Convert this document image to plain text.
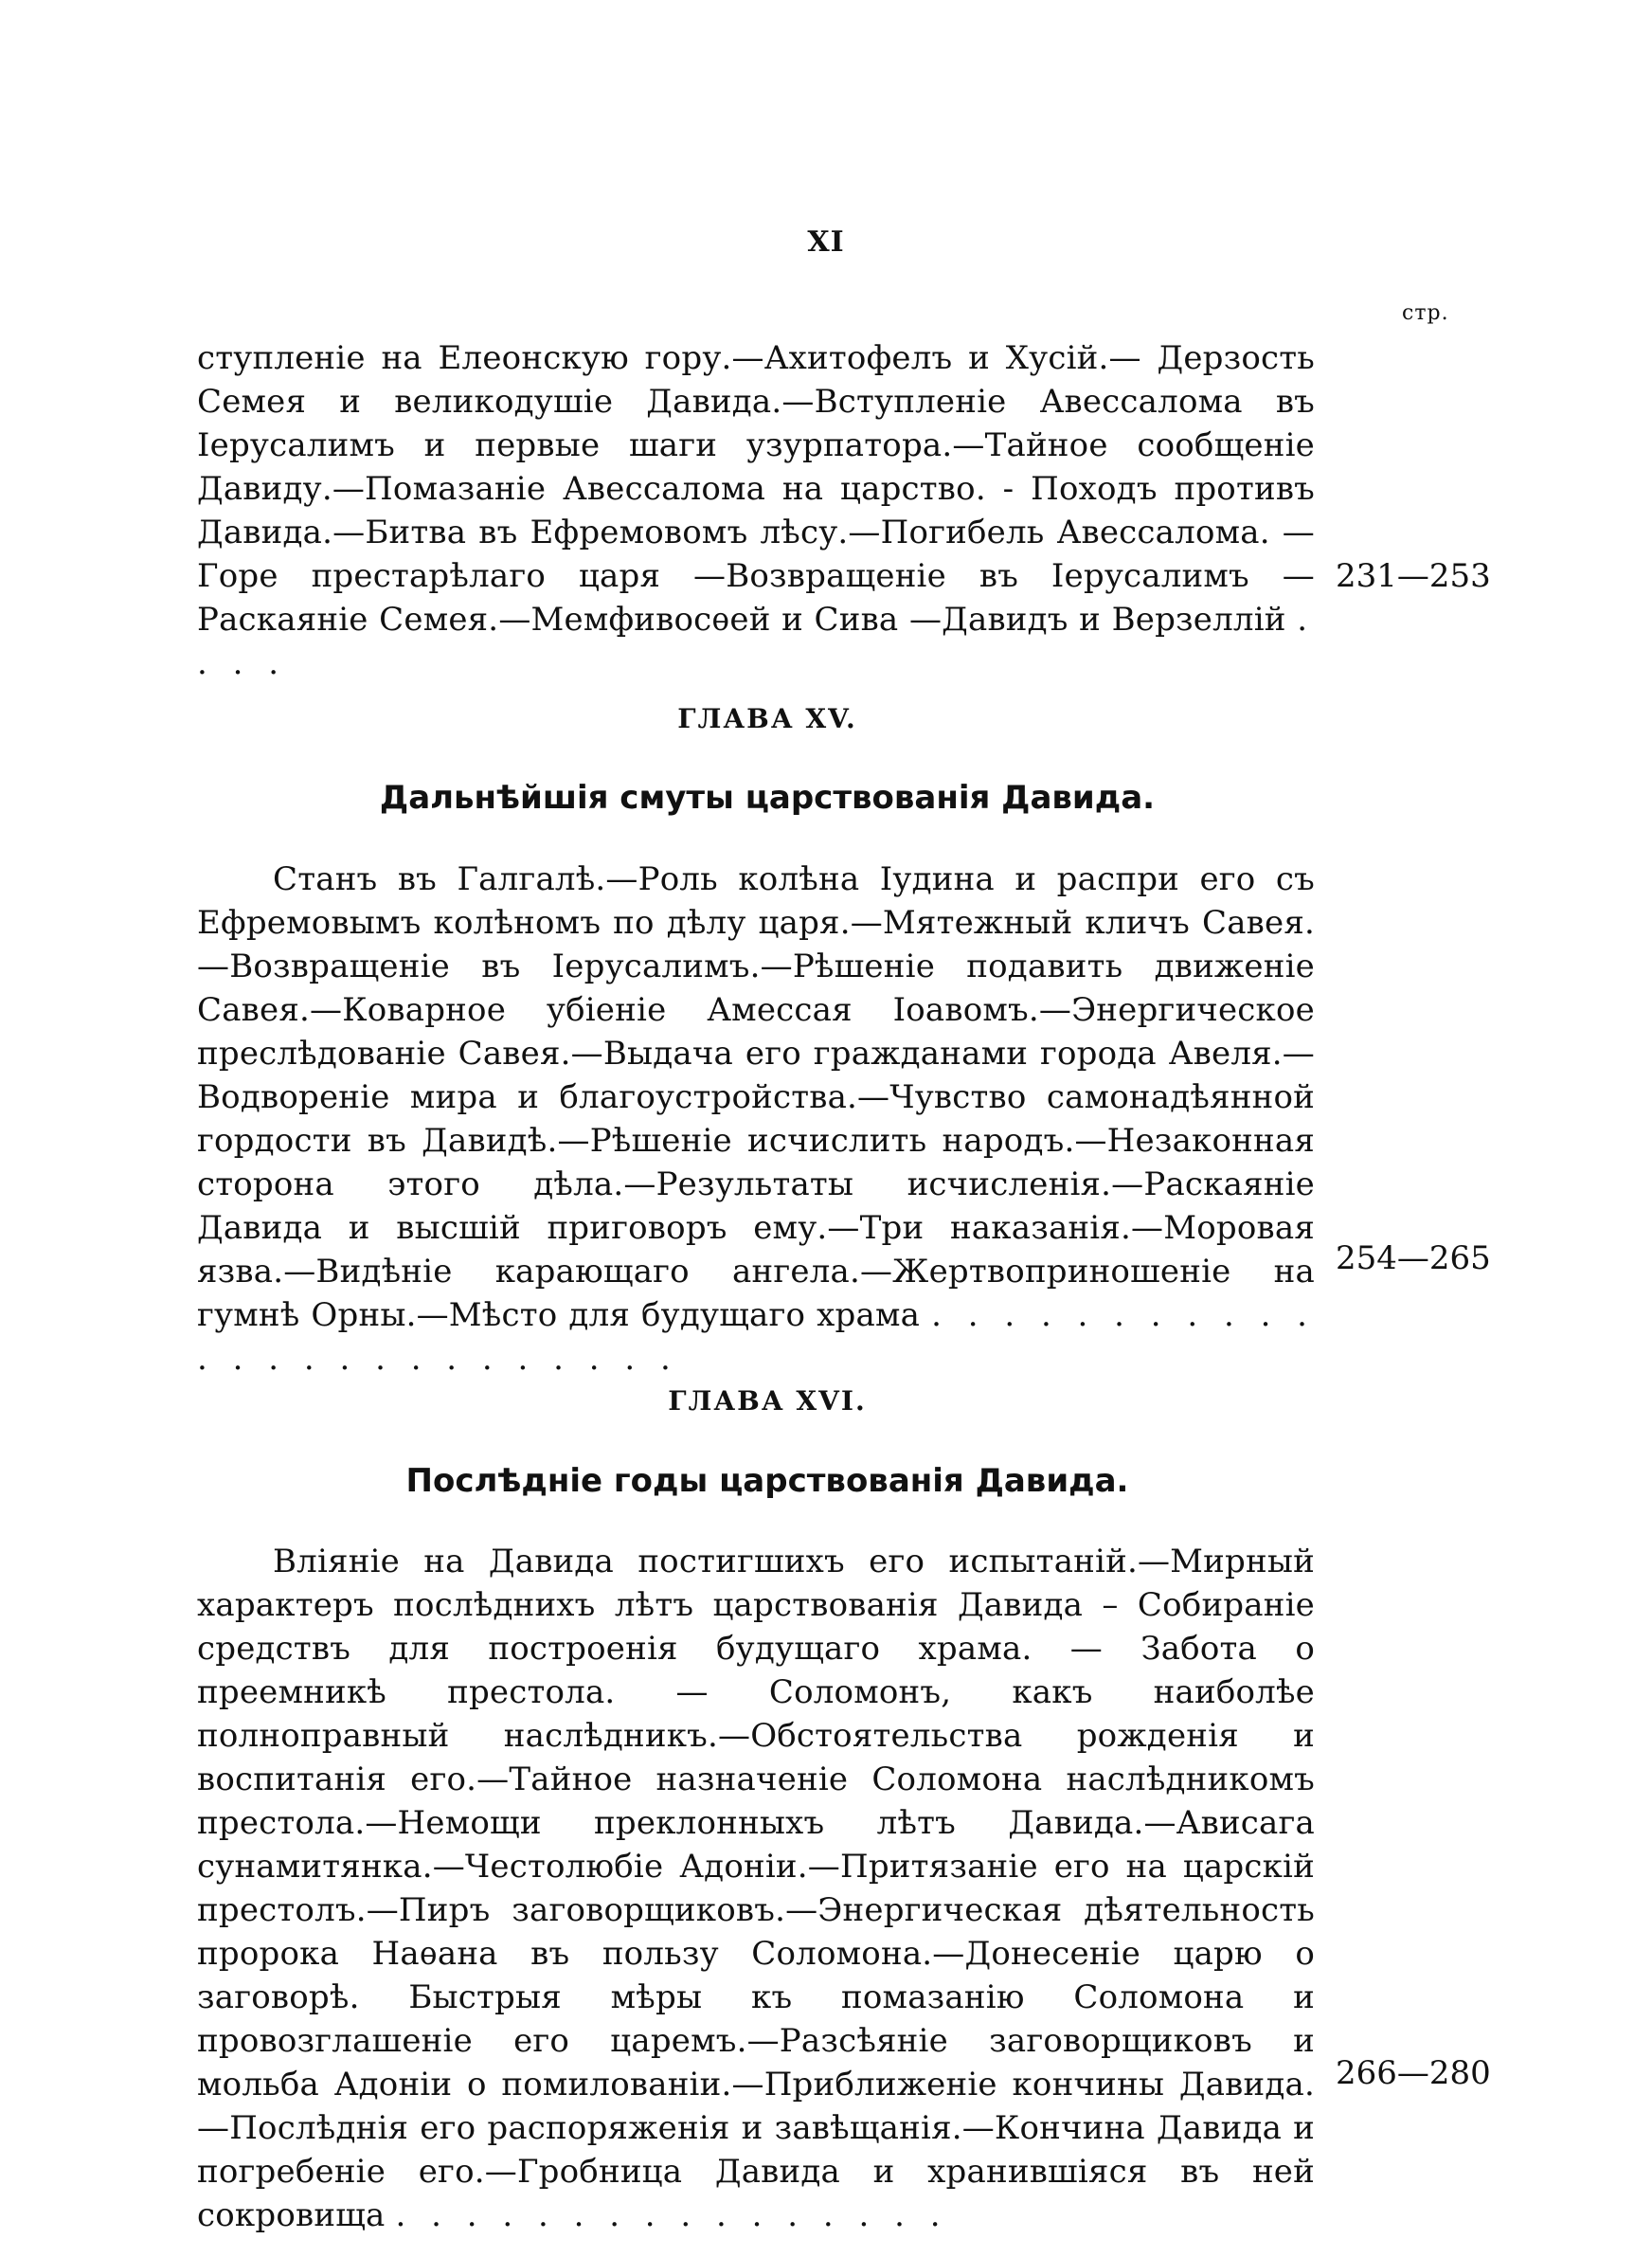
XI
стр.
ступленіе на Елеонскую гору.—Ахитофелъ и Хусій.— Дерзость Семея и великодушіе Давида.—Вступленіе Авессалома въ Іерусалимъ и первые шаги узурпатора.—Тайное сообщеніе Давиду.—Помазаніе Авессалома на царство. - Походъ противъ Давида.—Битва въ Ефремовомъ лѣсу.—Погибель Авессалома. —Горе престарѣлаго царя —Возвращеніе въ Іерусалимъ — Раскаяніе Семея.—Мемфивосѳей и Сива —Давидъ и Верзеллій . . . .
231—253
ГЛАВА XV.
Дальнѣйшія смуты царствованія Давида.
Станъ въ Галгалѣ.—Роль колѣна Іудина и распри его съ Ефремовымъ колѣномъ по дѣлу царя.—Мятежный кличъ Савея.—Возвращеніе въ Іерусалимъ.—Рѣшеніе подавить движеніе Савея.—Коварное убіеніе Амессая Іоавомъ.—Энергическое преслѣдованіе Савея.—Выдача его гражданами города Авеля.—Водвореніе мира и благоустройства.—Чувство самонадѣянной гордости въ Давидѣ.—Рѣшеніе исчислить народъ.—Незаконная сторона этого дѣла.—Результаты исчисленія.—Раскаяніе Давида и высшій приговоръ ему.—Три наказанія.—Моровая язва.—Видѣніе карающаго ангела.—Жертвоприношеніе на гумнѣ Орны.—Мѣсто для будущаго храма . . . . . . . . . . . . . . . . . . . . . . . . .
254—265
ГЛАВА XVI.
Послѣдніе годы царствованія Давида.
Вліяніе на Давида постигшихъ его испытаній.—Мирный характеръ послѣднихъ лѣтъ царствованія Давида – Собираніе средствъ для построенія будущаго храма. — Забота о преемникѣ престола. — Соломонъ, какъ наиболѣе полноправный наслѣдникъ.—Обстоятельства рожденія и воспитанія его.—Тайное назначеніе Соломона наслѣдникомъ престола.—Немощи преклонныхъ лѣтъ Давида.—Ависага сунамитянка.—Честолюбіе Адоніи.—Притязаніе его на царскій престолъ.—Пиръ заговорщиковъ.—Энергическая дѣятельность пророка Наѳана въ пользу Соломона.—Донесеніе царю о заговорѣ. Быстрыя мѣры къ помазанію Соломона и провозглашеніе его царемъ.—Разсѣяніе заговорщиковъ и мольба Адоніи о помилованіи.—Приближеніе кончины Давида.—Послѣднія его распоряженія и завѣщанія.—Кончина Давида и погребеніе его.—Гробница Давида и хранившіяся въ ней сокровища . . . . . . . . . . . . . . . .
266—280
